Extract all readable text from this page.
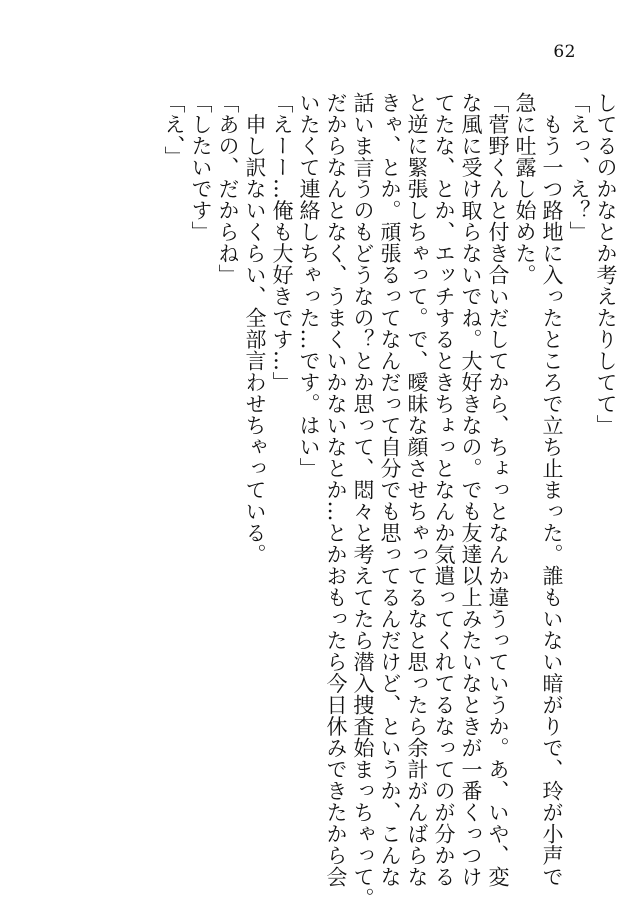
62
してるのかなとか考えたりしてて」
「えっ、え？」
　もう一つ路地に入ったところで立ち止まった。誰もいない暗がりで、玲が小声で
急に吐露し始めた。
「菅野くんと付き合いだしてから、ちょっとなんか違うっていうか。あ、いや、変
な風に受け取らないでね。大好きなの。でも友達以上みたいなときが一番くっつけ
てたな、とか、エッチするときちょっとなんか気遣ってくれてるなってのが分かる
と逆に緊張しちゃって。で、曖昧な顔させちゃってるなと思ったら余計がんばらな
きゃ、とか。頑張るってなんだって自分でも思ってるんだけど、というか、こんな
話いま言うのもどうなの？とか思って、悶々と考えてたら潜入捜査始まっちゃって。
だからなんとなく、うまくいかないなとか…とかおもったら今日休みできたから会
いたくて連絡しちゃった…です。はい」
「えーー…俺も大好きです…」
　申し訳ないくらい、全部言わせちゃっている。
「あの、だからね」
「したいです」
「え、」
